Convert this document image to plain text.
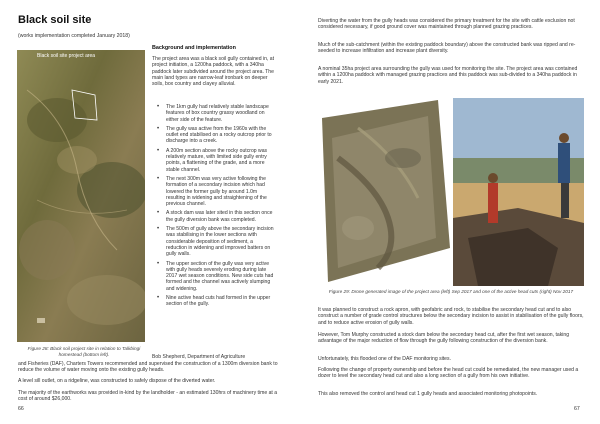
Black soil site
(works implementation completed January 2018)
Black soil site project area
Figure 28: Black soil project site in relation to Talkbingi homestead (bottom left).
Background and implementation
The project area was a black soil gully contained in, at project initiation, a 1200ha paddock, with a 340ha paddock later subdivided around the project area. The main land types are narrow-leaf ironbark on deeper soils, box country and clayey alluvial.
• The 1km gully had relatively stable landscape features of box country grassy woodland on either side of the feature.
• The gully was active from the 1960s with the outlet end stabilised on a rocky outcrop prior to discharge into a creek.
• A 200m section above the rocky outcrop was relatively mature, with limited side gully entry points, a flattening of the grade, and a more stable channel.
• The next 300m was very active following the formation of a secondary incision which had lowered the former gully by around 1.0m resulting in widening and straightening of the previous channel.
• A stock dam was later sited in this section once the gully diversion bank was completed.
• The 500m of gully above the secondary incision was stabilising in the lower sections with considerable deposition of sediment, a reduction in widening and improved batters on gully walls.
• The upper section of the gully was very active with gully heads severely eroding during late 2017 wet season conditions. New side cuts had formed and the channel was actively slumping and widening.
• Nine active head cuts had formed in the upper section of the gully.
Bob Shepherd, Department of Agriculture
and Fisheries (DAF), Charters Towers recommended and supervised the construction of a 1300m diversion bank to reduce the volume of water moving onto the existing gully heads.
A level sill outlet, on a ridgeline, was constructed to safely dispose of the diverted water.
The majority of the earthworks was provided in-kind by the landholder - an estimated 130hrs of machinery time at a cost of around $26,000.
66
Diverting the water from the gully heads was considered the primary treatment for the site with cattle exclusion not considered necessary, if good ground cover was maintained through planned grazing practices.
Much of the sub-catchment (within the existing paddock boundary) above the constructed bank was ripped and re-seeded to increase infiltration and increase plant diversity.
A nominal 35ha project area surrounding the gully was used for monitoring the site. The project area was contained within a 1200ha paddock with managed grazing practices and this paddock was sub-divided to a 340ha paddock in early 2021.
Figure 29: Drone generated image of the project area (left) Sep 2017 and one of the active head cuts (right) Nov 2017
It was planned to construct a rock apron, with geofabric and rock, to stabilise the secondary head cut and to also construct a number of grade control structures below the secondary incision to assist in stabilisation of the gully floors, and to reduce active erosion of gully walls.
However, Tom Murphy constructed a stock dam below the secondary head cut, after the first wet season, taking advantage of the major reduction of flow through the gully following construction of the diversion bank.
Unfortunately, this flooded one of the DAF monitoring sites.
Following the change of property ownership and before the head cut could be remediated, the new manager used a dozer to level the secondary head cut and also a long section of a gully from his own initiative.
This also removed the control and head cut 1 gully heads and associated monitoring photopoints.
67
